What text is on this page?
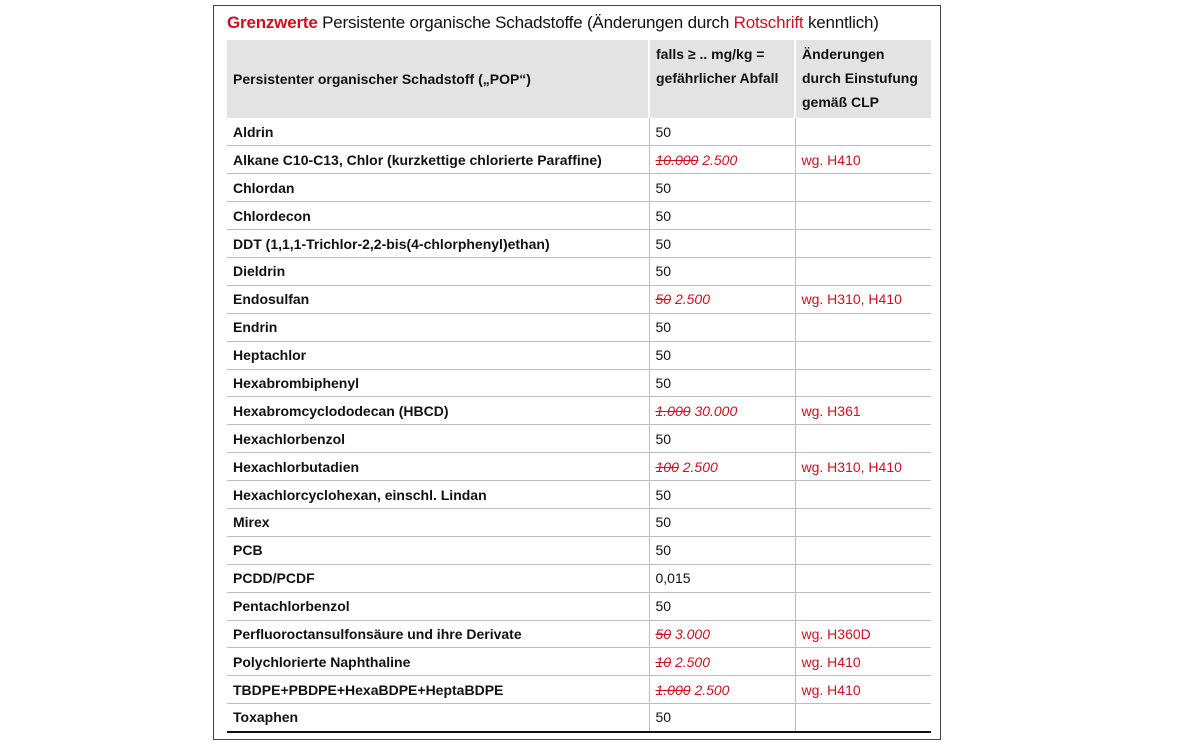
Grenzwerte Persistente organische Schadstoffe (Änderungen durch Rotschrift kenntlich)
Persistenter organischer Schadstoff („POP“)	falls ≥ .. mg/kg = gefährlicher Abfall	Änderungen durch Einstufung gemäß CLP
Aldrin	50	
Alkane C10-C13, Chlor (kurzkettige chlorierte Paraffine)	10.000 2.500	wg. H410
Chlordan	50	
Chlordecon	50	
DDT (1,1,1-Trichlor-2,2-bis(4-chlorphenyl)ethan)	50	
Dieldrin	50	
Endosulfan	50 2.500	wg. H310, H410
Endrin	50	
Heptachlor	50	
Hexabrombiphenyl	50	
Hexabromcyclododecan (HBCD)	1.000 30.000	wg. H361
Hexachlorbenzol	50	
Hexachlorbutadien	100 2.500	wg. H310, H410
Hexachlorcyclohexan, einschl. Lindan	50	
Mirex	50	
PCB	50	
PCDD/PCDF	0,015	
Pentachlorbenzol	50	
Perfluoroctansulfonsäure und ihre Derivate	50 3.000	wg. H360D
Polychlorierte Naphthaline	10 2.500	wg. H410
TBDPE+PBDPE+HexaBDPE+HeptaBDPE	1.000 2.500	wg. H410
Toxaphen	50	
